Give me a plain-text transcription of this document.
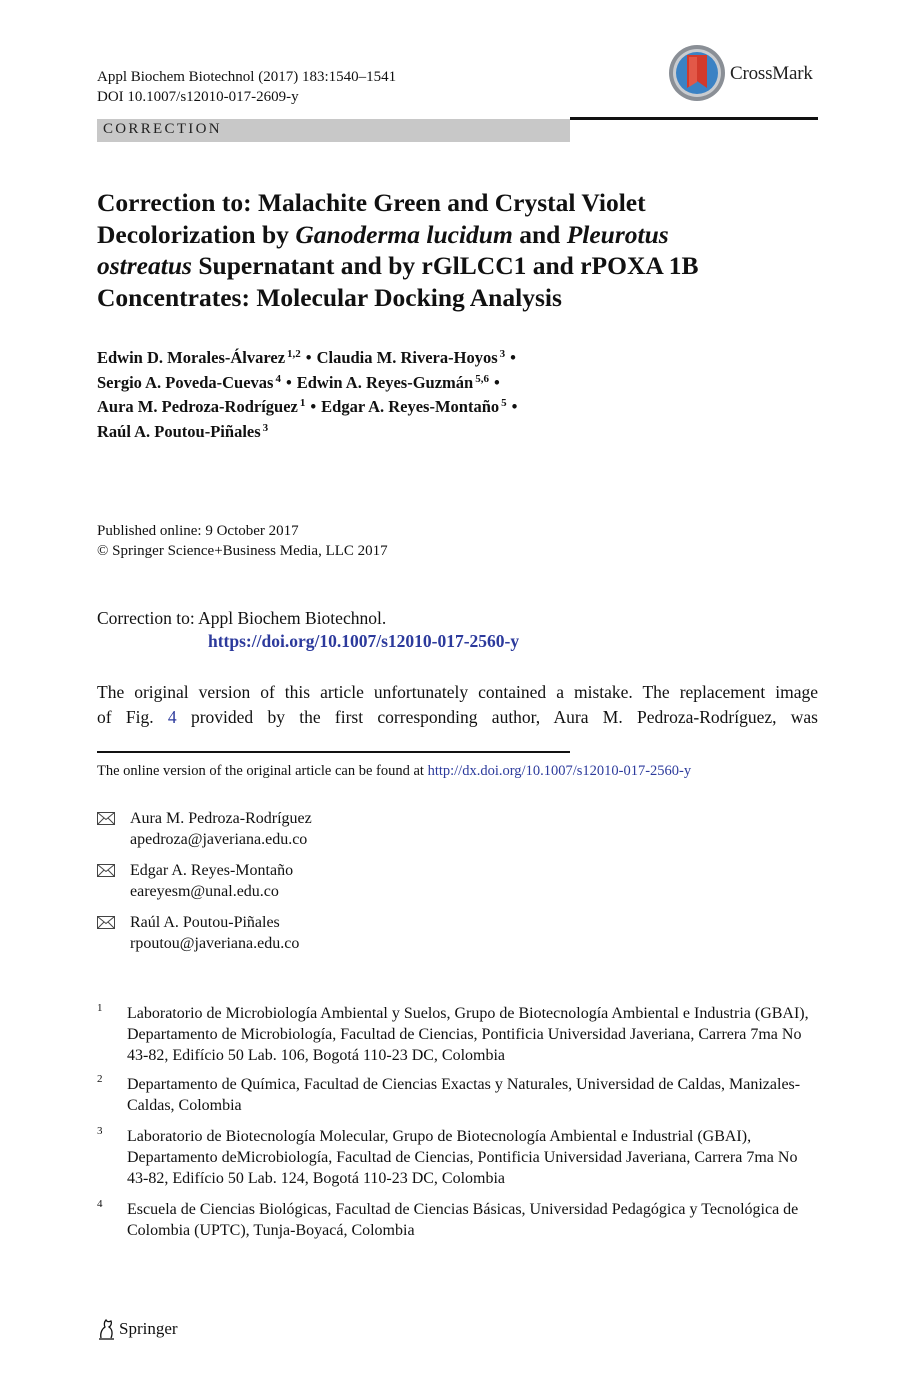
Appl Biochem Biotechnol (2017) 183:1540–1541
DOI 10.1007/s12010-017-2609-y
CrossMark
CORRECTION
Correction to: Malachite Green and Crystal Violet Decolorization by Ganoderma lucidum and Pleurotus ostreatus Supernatant and by rGlLCC1 and rPOXA 1B Concentrates: Molecular Docking Analysis
Edwin D. Morales-Álvarez $^{1,2}$ • Claudia M. Rivera-Hoyos $^3$ •
Sergio A. Poveda-Cuevas $^4$ • Edwin A. Reyes-Guzmán $^{5,6}$ •
Aura M. Pedroza-Rodríguez $^1$ • Edgar A. Reyes-Montaño $^5$ •
Raúl A. Poutou-Piñales $^3$
Published online: 9 October 2017
© Springer Science+Business Media, LLC 2017
Correction to: Appl Biochem Biotechnol.
https://doi.org/10.1007/s12010-017-2560-y
The original version of this article unfortunately contained a mistake. The replacement image
of Fig. 4 provided by the first corresponding author, Aura M. Pedroza-Rodríguez, was
The online version of the original article can be found at http://dx.doi.org/10.1007/s12010-017-2560-y
Aura M. Pedroza-Rodríguez
apedroza@javeriana.edu.co
Edgar A. Reyes-Montaño
eareyesm@unal.edu.co
Raúl A. Poutou-Piñales
rpoutou@javeriana.edu.co
1 Laboratorio de Microbiología Ambiental y Suelos, Grupo de Biotecnología Ambiental e Industria (GBAI), Departamento de Microbiología, Facultad de Ciencias, Pontificia Universidad Javeriana, Carrera 7ma No 43-82, Edifício 50 Lab. 106, Bogotá 110-23 DC, Colombia
2 Departamento de Química, Facultad de Ciencias Exactas y Naturales, Universidad de Caldas, Manizales-Caldas, Colombia
3 Laboratorio de Biotecnología Molecular, Grupo de Biotecnología Ambiental e Industrial (GBAI), Departamento deMicrobiología, Facultad de Ciencias, Pontificia Universidad Javeriana, Carrera 7ma No 43-82, Edifício 50 Lab. 124, Bogotá 110-23 DC, Colombia
4 Escuela de Ciencias Biológicas, Facultad de Ciencias Básicas, Universidad Pedagógica y Tecnológica de Colombia (UPTC), Tunja-Boyacá, Colombia
Springer
